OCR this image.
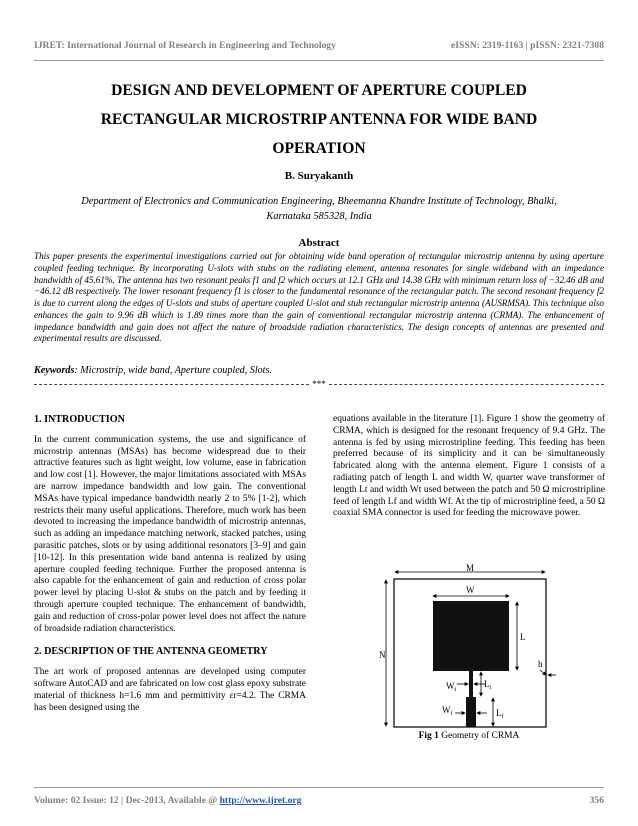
IJRET: International Journal of Research in Engineering and Technology	eISSN: 2319-1163 | pISSN: 2321-7308
DESIGN AND DEVELOPMENT OF APERTURE COUPLED
RECTANGULAR MICROSTRIP ANTENNA FOR WIDE BAND
OPERATION
B. Suryakanth
Department of Electronics and Communication Engineering, Bheemanna Khandre Institute of Technology, Bhalki,
Karnataka 585328, India
Abstract

This paper presents the experimental investigations carried out for obtaining wide band operation of rectangular microstrip antenna by using aperture coupled feeding technique. By incorporating U-slots with stubs on the radiating element, antenna resonates for single wideband with an impedance bandwidth of 45.61%. The antenna has two resonant peaks f1 and f2 which occurs at 12.1 GHz and 14.38 GHz with minimum return loss of −32.46 dB and −46.12 dB respectively. The lower resonant frequency f1 is closer to the fundamental resonance of the rectangular patch. The second resonant frequency f2 is due to current along the edges of U-slots and stubs of aperture coupled U-slot and stub rectangular microstrip antenna (AUSRMSA). This technique also enhances the gain to 9.96 dB which is 1.89 times more than the gain of conventional rectangular microstrip antenna (CRMA). The enhancement of impedance bandwidth and gain does not affect the nature of broadside radiation characteristics. The design concepts of antennas are presented and experimental results are discussed.

Keywords: Microstrip, wide band, Aperture coupled, Slots.
***
1. INTRODUCTION

In the current communication systems, the use and significance of microstrip antennas (MSAs) has become widespread due to their attractive features such as light weight, low volume, ease in fabrication and low cost [1]. However, the major limitations associated with MSAs are narrow impedance bandwidth and low gain. The conventional MSAs have typical impedance bandwidth nearly 2 to 5% [1-2], which restricts their many useful applications. Therefore, much work has been devoted to increasing the impedance bandwidth of microstrip antennas, such as adding an impedance matching network, stacked patches, using parasitic patches, slots or by using additional resonators [3–9] and gain [10-12]. In this presentation wide band antenna is realized by using aperture coupled feeding technique. Further the proposed antenna is also capable for the enhancement of gain and reduction of cross polar power level by placing U-slot & stubs on the patch and by feeding it through aperture coupled technique. The enhancement of bandwidth, gain and reduction of cross-polar power level does not affect the nature of broadside radiation characteristics.

2. DESCRIPTION OF THE ANTENNA GEOMETRY

The art work of proposed antennas are developed using computer software AutoCAD and are fabricated on low cost glass epoxy substrate material of thickness h=1.6 mm and permittivity εr=4.2. The CRMA has been designed using the

equations available in the literature [1]. Figure 1 show the geometry of CRMA, which is designed for the resonant frequency of 9.4 GHz. The antenna is fed by using microstripline feeding. This feeding has been preferred because of its simplicity and it can be simultaneously fabricated along with the antenna element. Figure 1 consists of a radiating patch of length L and width W, quarter wave transformer of length Lt and width Wt used between the patch and 50 Ω microstripline feed of length Lf and width Wf. At the tip of microstripline feed, a 50 Ω coaxial SMA connector is used for feeding the microwave power.

M
N
W
L
$W_t$
$L_t$
$W_f$	$L_f$
h
Fig 1 Geometry of CRMA
Volume: 02 Issue: 12 | Dec-2013, Available @ http://www.ijret.org	356
